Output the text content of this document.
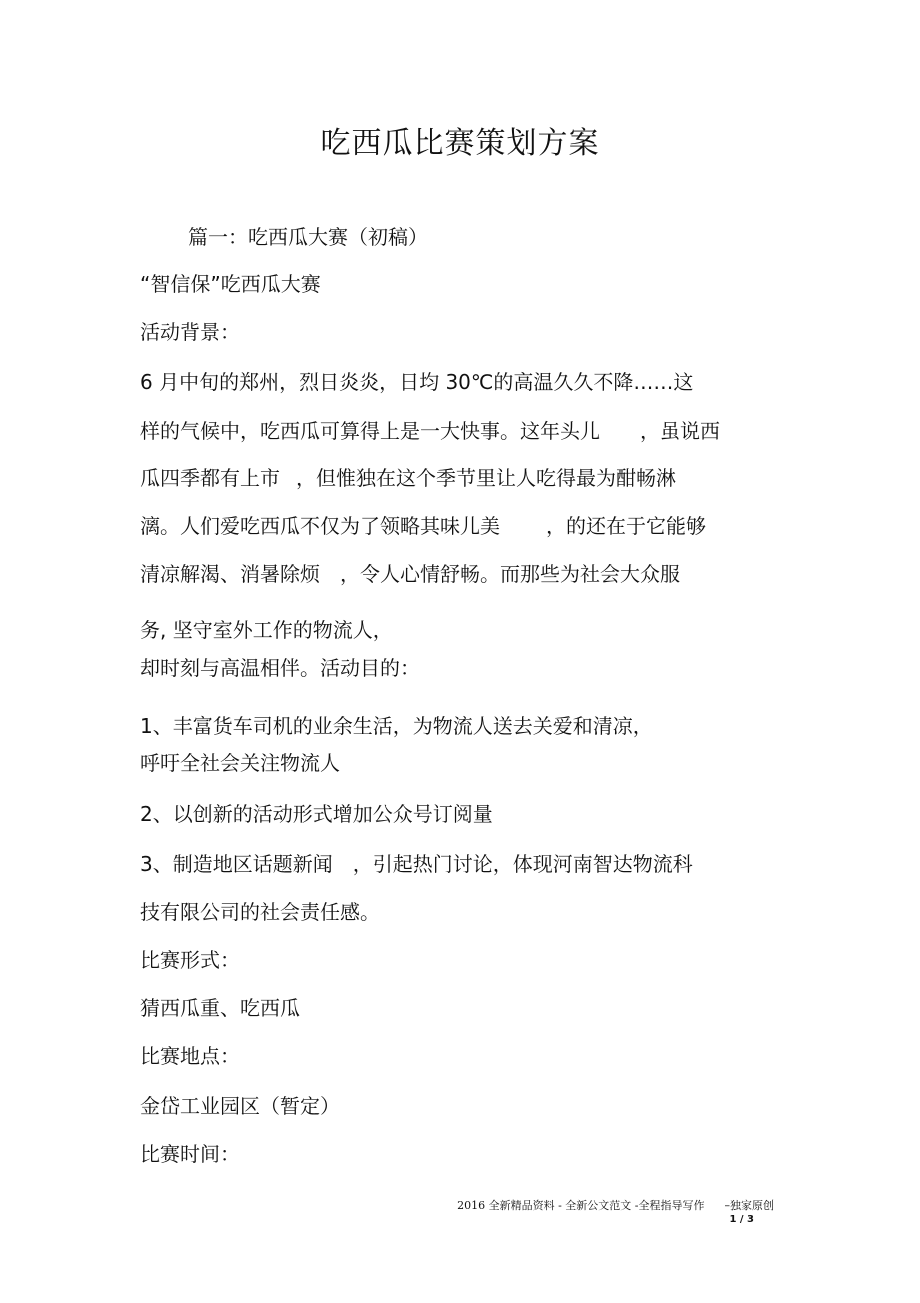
吃西瓜比赛策划方案
篇一：吃西瓜大赛（初稿）
“智信保”吃西瓜大赛
活动背景：
6 月中旬的郑州，烈日炎炎，日均 30℃的高温久久不降……这
样的气候中，吃西瓜可算得上是一大快事。这年头儿 ，虽说西
瓜四季都有上市 ，但惟独在这个季节里让人吃得最为酣畅淋
漓。人们爱吃西瓜不仅为了领略其味儿美 ，的还在于它能够
清凉解渴、消暑除烦 ，令人心情舒畅。而那些为社会大众服
务, 坚守室外工作的物流人，
却时刻与高温相伴。活动目的：
1、丰富货车司机的业余生活，为物流人送去关爱和清凉，
呼吁全社会关注物流人
2、以创新的活动形式增加公众号订阅量
3、制造地区话题新闻 ，引起热门讨论，体现河南智达物流科
技有限公司的社会责任感。
比赛形式：
猜西瓜重、吃西瓜
比赛地点：
金岱工业园区（暂定）
比赛时间：
2016 全新精品资料 - 全新公文范文 -全程指导写作 –独家原创
1 / 3
